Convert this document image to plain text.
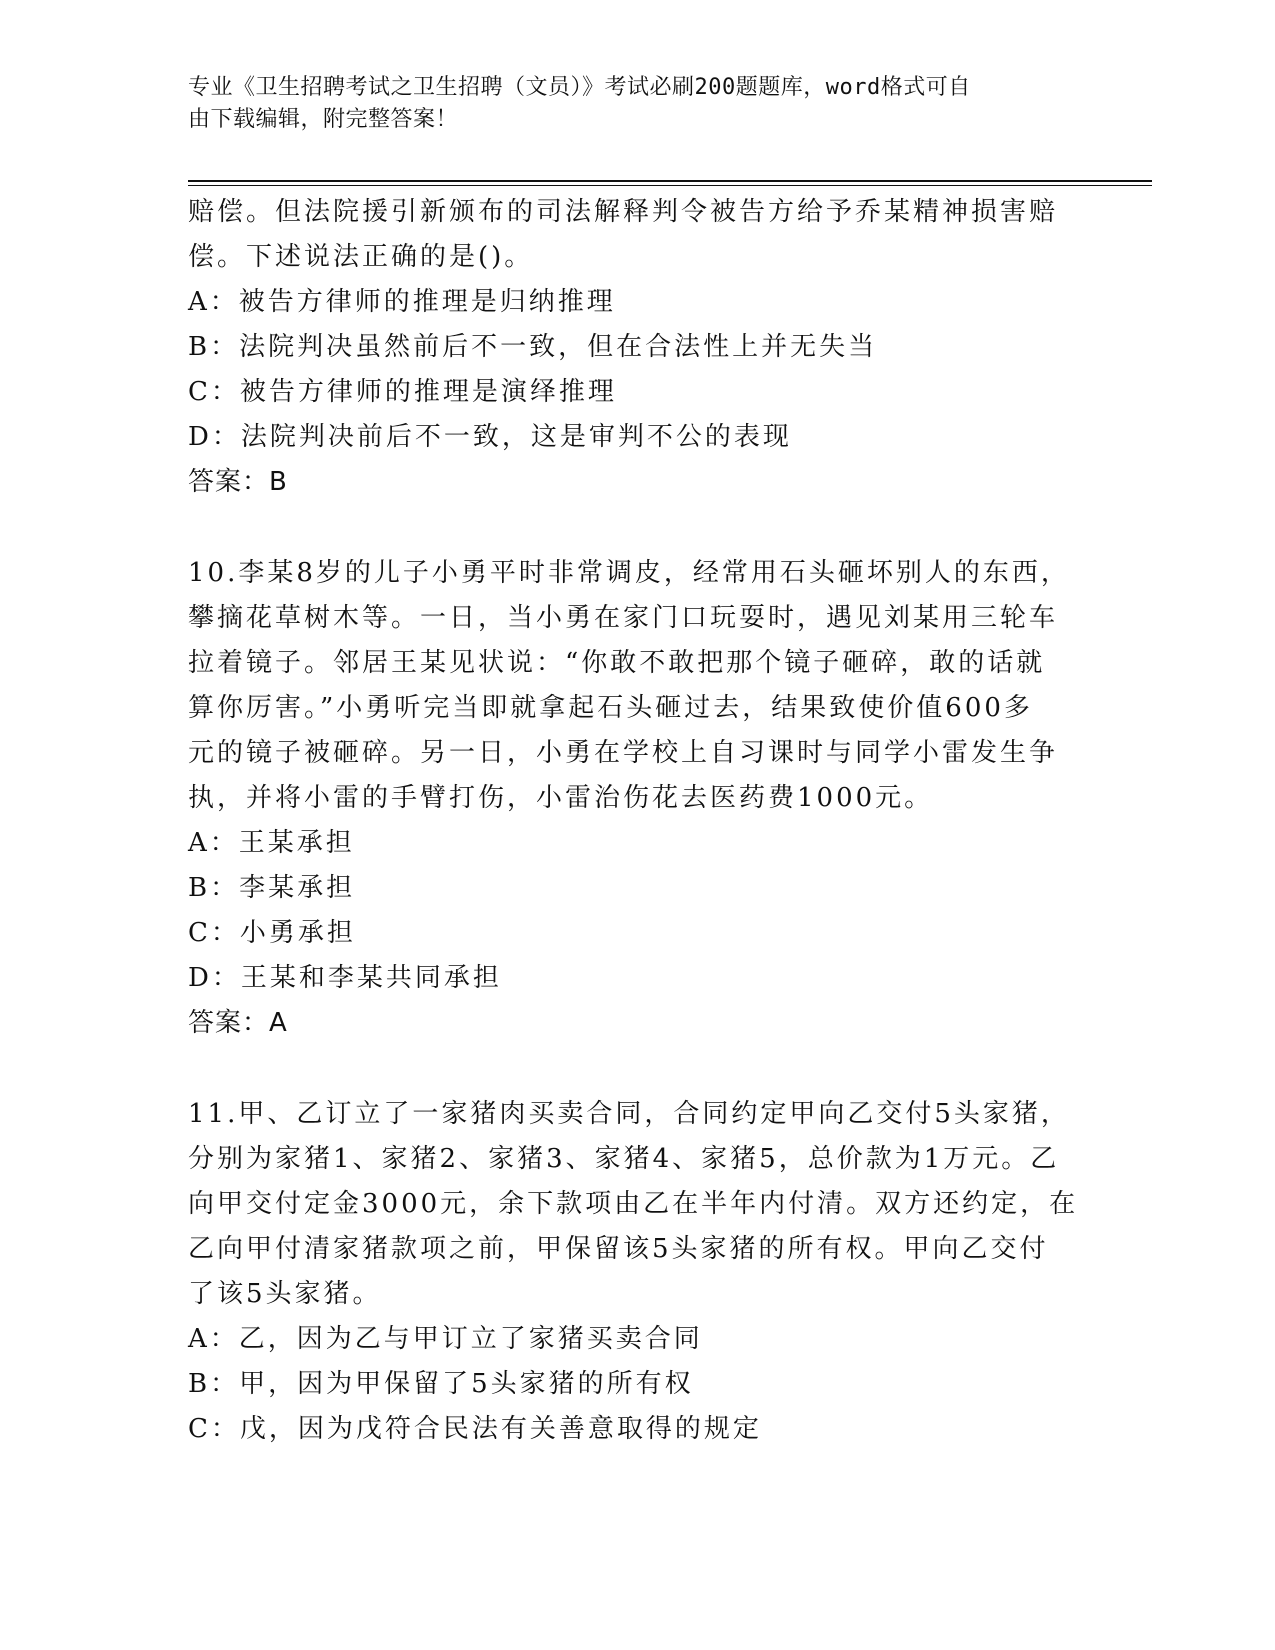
专业《卫生招聘考试之卫生招聘（文员）》考试必刷200题题库，word格式可自
由下载编辑，附完整答案！

赔偿。但法院援引新颁布的司法解释判令被告方给予乔某精神损害赔

偿。下述说法正确的是()。

A：被告方律师的推理是归纳推理

B：法院判决虽然前后不一致，但在合法性上并无失当

C：被告方律师的推理是演绎推理

D：法院判决前后不一致，这是审判不公的表现

答案：B

10.李某8岁的儿子小勇平时非常调皮，经常用石头砸坏别人的东西，

攀摘花草树木等。一日，当小勇在家门口玩耍时，遇见刘某用三轮车

拉着镜子。邻居王某见状说：“你敢不敢把那个镜子砸碎，敢的话就

算你厉害。”小勇听完当即就拿起石头砸过去，结果致使价值600多

元的镜子被砸碎。另一日，小勇在学校上自习课时与同学小雷发生争

执，并将小雷的手臂打伤，小雷治伤花去医药费1000元。

A：王某承担

B：李某承担

C：小勇承担

D：王某和李某共同承担

答案：A

11.甲、乙订立了一家猪肉买卖合同，合同约定甲向乙交付5头家猪，

分别为家猪1、家猪2、家猪3、家猪4、家猪5，总价款为1万元。乙

向甲交付定金3000元，余下款项由乙在半年内付清。双方还约定，在

乙向甲付清家猪款项之前，甲保留该5头家猪的所有权。甲向乙交付

了该5头家猪。

A：乙，因为乙与甲订立了家猪买卖合同

B：甲，因为甲保留了5头家猪的所有权

C：戊，因为戊符合民法有关善意取得的规定
